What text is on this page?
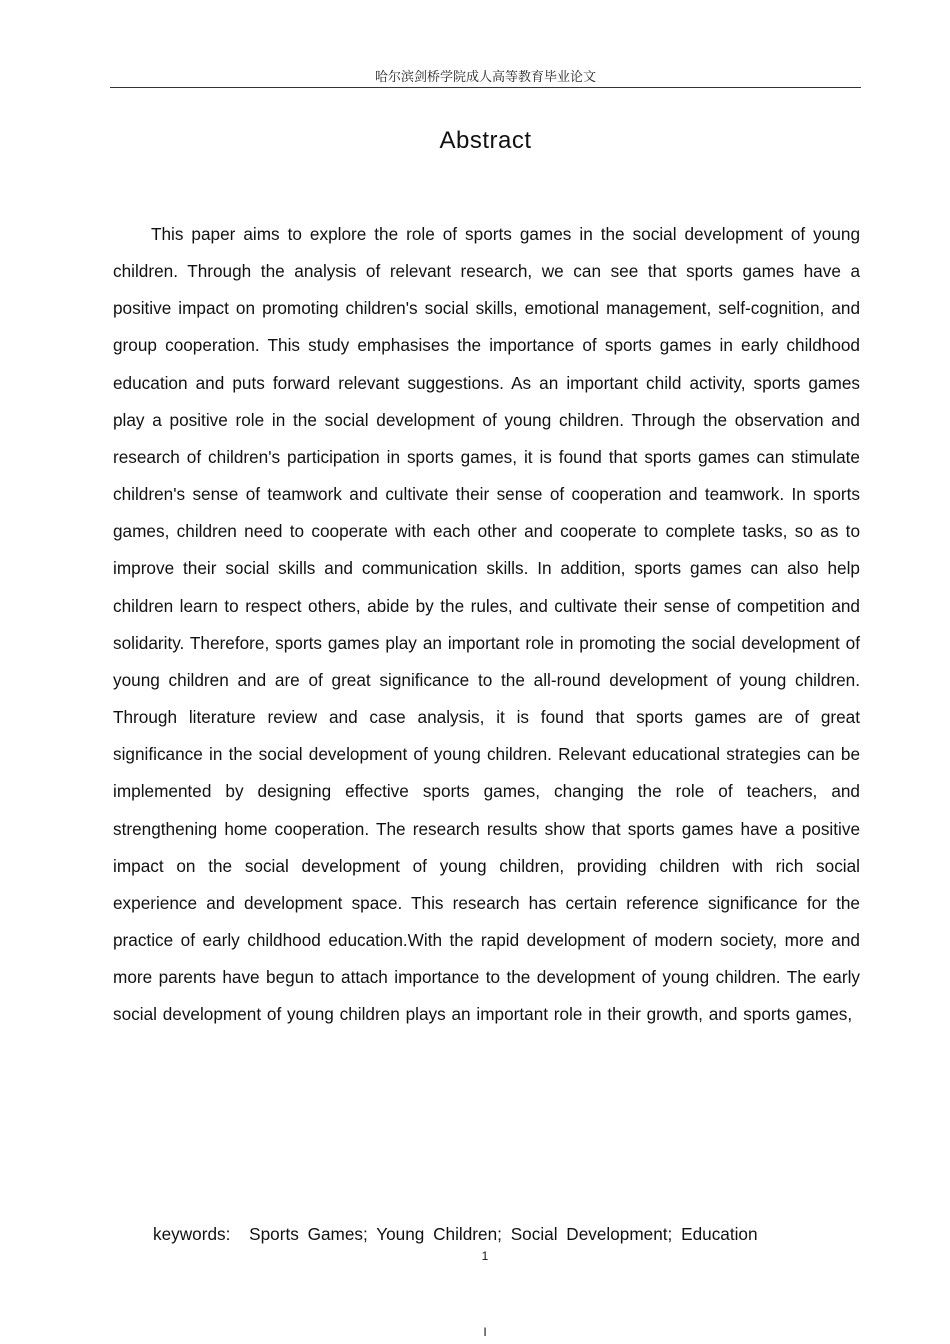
哈尔滨剑桥学院成人高等教育毕业论文
Abstract

This paper aims to explore the role of sports games in the social development of young children. Through the analysis of relevant research, we can see that sports games have a positive impact on promoting children's social skills, emotional management, self-cognition, and group cooperation. This study emphasises the importance of sports games in early childhood education and puts forward relevant suggestions. As an important child activity, sports games play a positive role in the social development of young children. Through the observation and research of children's participation in sports games, it is found that sports games can stimulate children's sense of teamwork and cultivate their sense of cooperation and teamwork. In sports games, children need to cooperate with each other and cooperate to complete tasks, so as to improve their social skills and communication skills. In addition, sports games can also help children learn to respect others, abide by the rules, and cultivate their sense of competition and solidarity. Therefore, sports games play an important role in promoting the social development of young children and are of great significance to the all-round development of young children. Through literature review and case analysis, it is found that sports games are of great significance in the social development of young children. Relevant educational strategies can be implemented by designing effective sports games, changing the role of teachers, and strengthening home cooperation. The research results show that sports games have a positive impact on the social development of young children, providing children with rich social experience and development space. This research has certain reference significance for the practice of early childhood education.With the rapid development of modern society, more and more parents have begun to attach importance to the development of young children. The early social development of young children plays an important role in their growth, and sports games,

keywords: Sports Games; Young Children; Social Development; Education
1
I
